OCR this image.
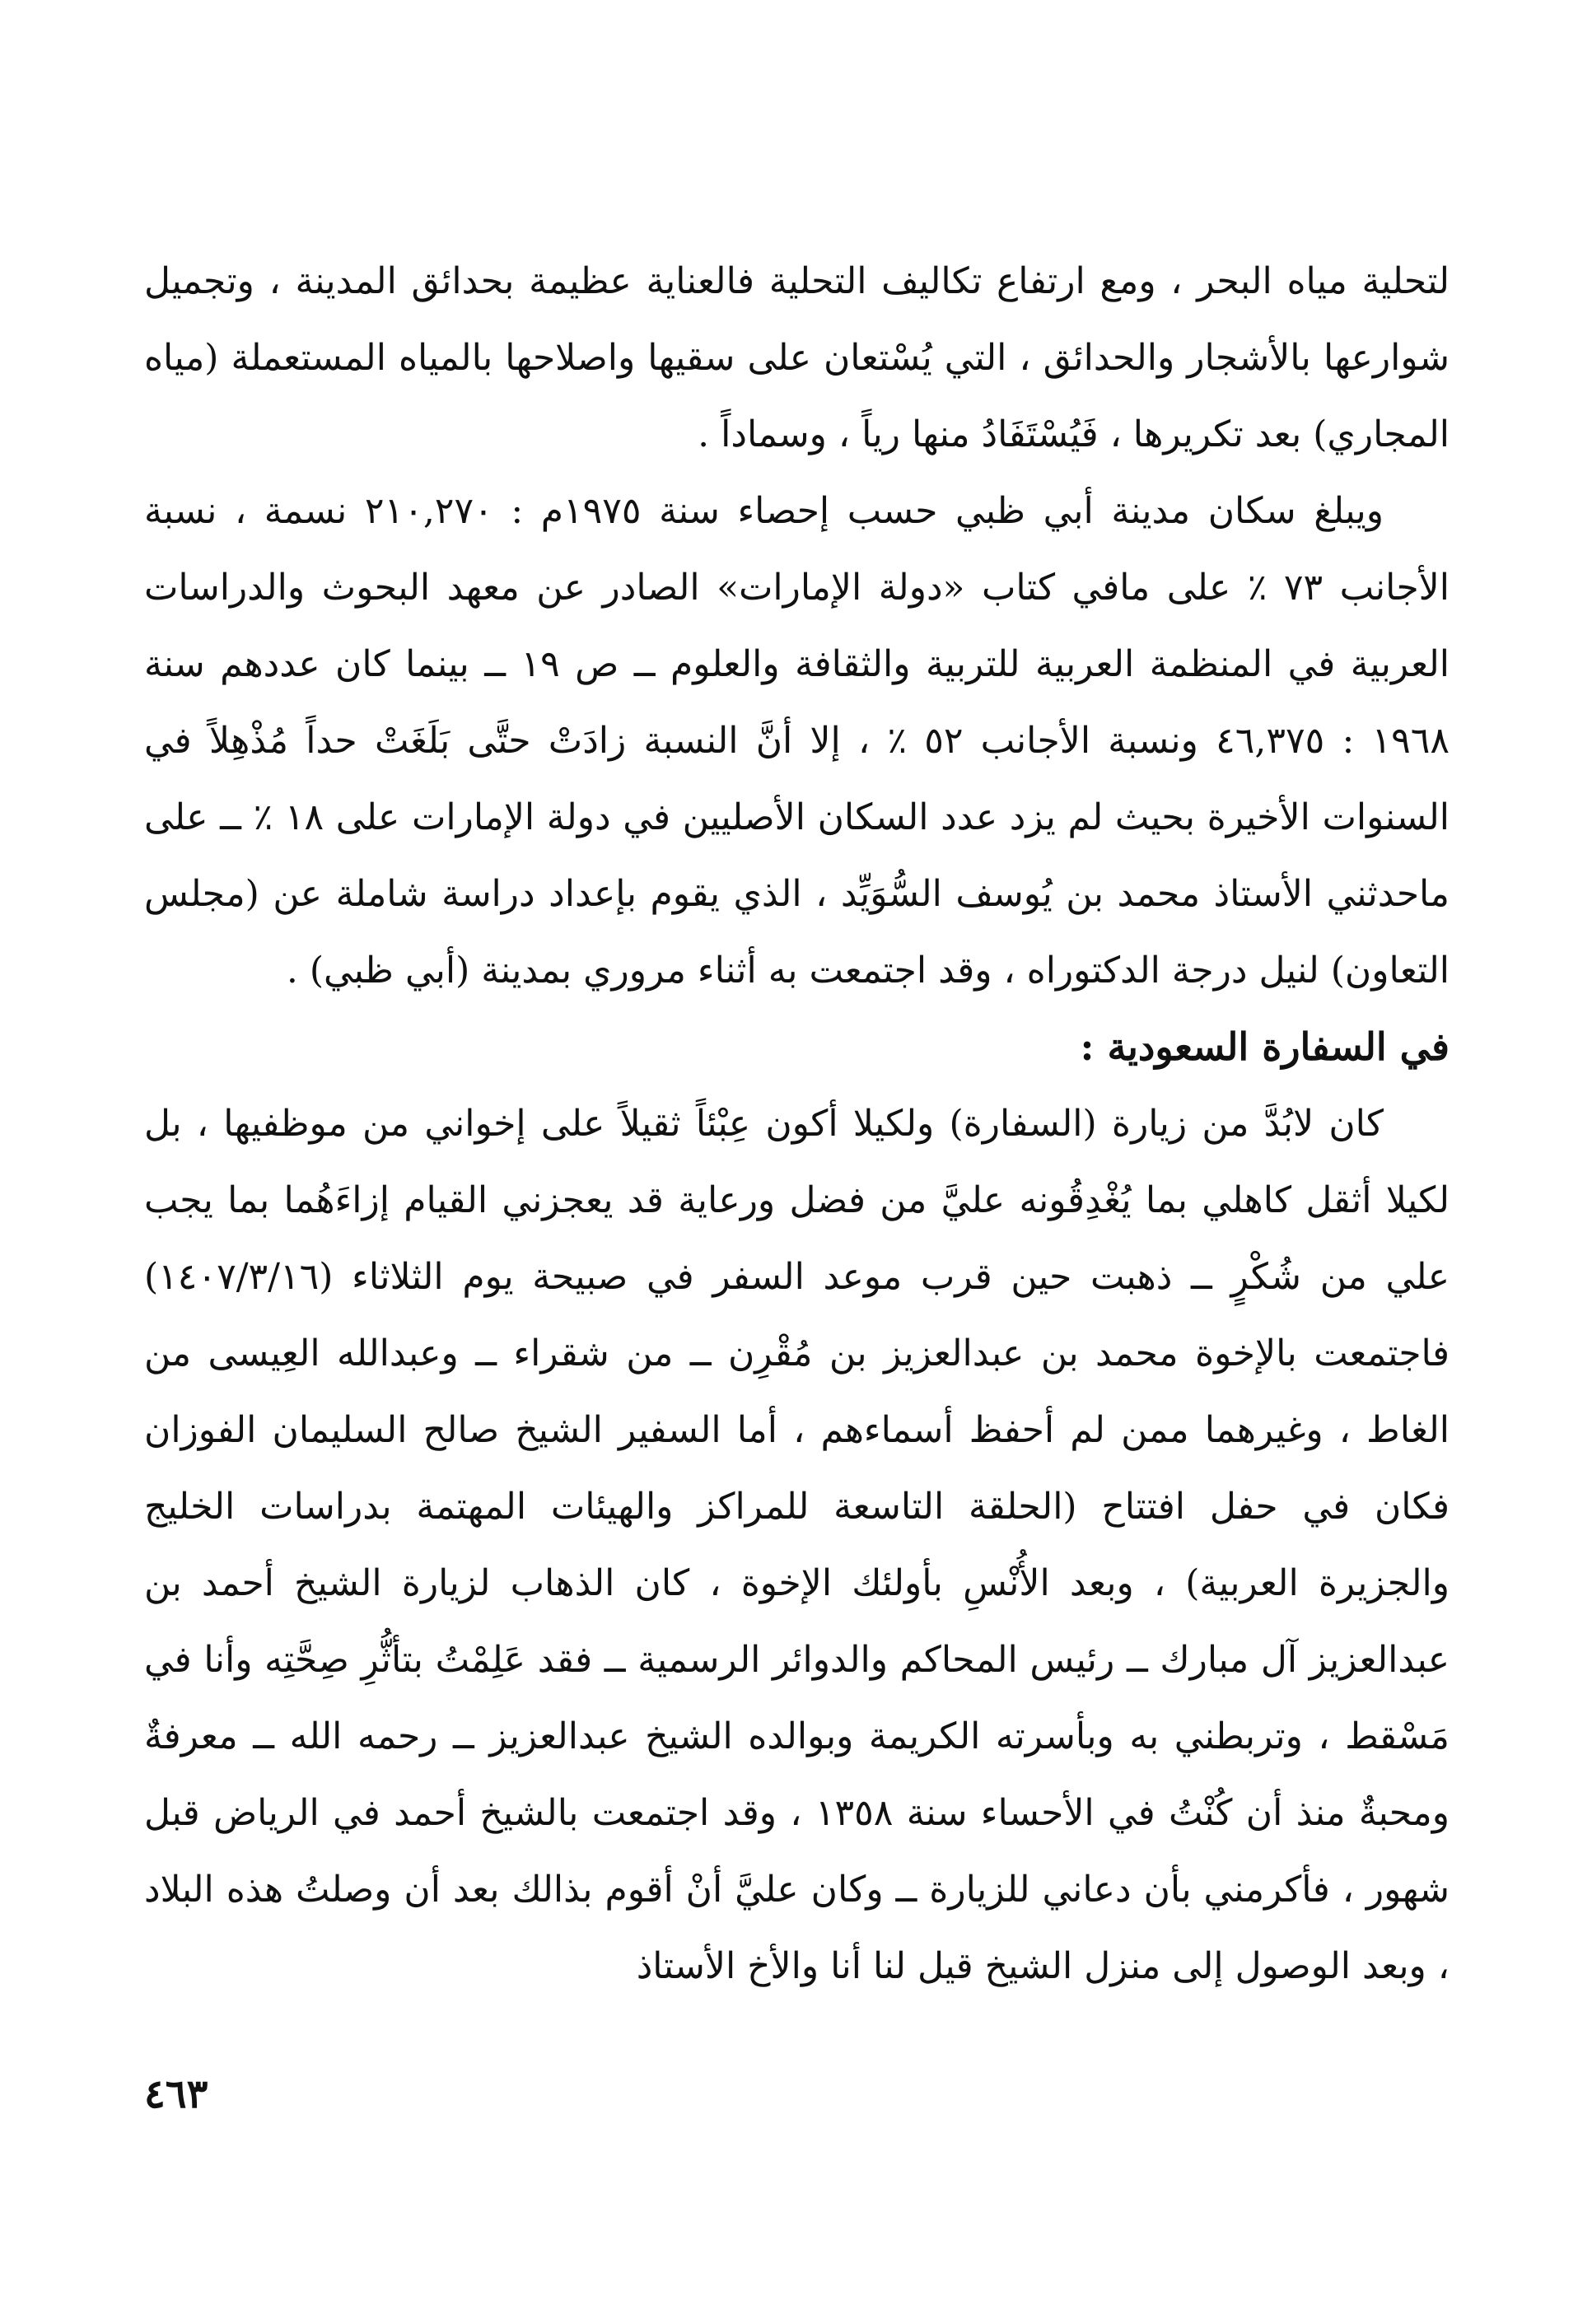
لتحلية مياه البحر ، ومع ارتفاع تكاليف التحلية فالعناية عظيمة بحدائق المدينة ، وتجميل شوارعها بالأشجار والحدائق ، التي يُسْتعان على سقيها واصلاحها بالمياه المستعملة (مياه المجاري) بعد تكريرها ، فَيُسْتَفَادُ منها رياً ، وسماداً .

ويبلغ سكان مدينة أبي ظبي حسب إحصاء سنة ١٩٧٥م : ٢١٠,٢٧٠ نسمة ، نسبة الأجانب ٧٣ ٪ على مافي كتاب «دولة الإمارات» الصادر عن معهد البحوث والدراسات العربية في المنظمة العربية للتربية والثقافة والعلوم ــ ص ١٩ ــ بينما كان عددهم سنة ١٩٦٨ : ٤٦,٣٧٥ ونسبة الأجانب ٥٢ ٪ ، إلا أنَّ النسبة زادَتْ حتَّى بَلَغَتْ حداً مُذْهِلاً في السنوات الأخيرة بحيث لم يزد عدد السكان الأصليين في دولة الإمارات على ١٨ ٪ ــ على ماحدثني الأستاذ محمد بن يُوسف السُّوَيِّد ، الذي يقوم بإعداد دراسة شاملة عن (مجلس التعاون) لنيل درجة الدكتوراه ، وقد اجتمعت به أثناء مروري بمدينة (أبي ظبي) .

في السفارة السعودية :

كان لابُدَّ من زيارة (السفارة) ولكيلا أكون عِبْئاً ثقيلاً على إخواني من موظفيها ، بل لكيلا أثقل كاهلي بما يُغْدِقُونه عليَّ من فضل ورعاية قد يعجزني القيام إزاءَهُما بما يجب علي من شُكْرٍ ــ ذهبت حين قرب موعد السفر في صبيحة يوم الثلاثاء (١٤٠٧/٣/١٦) فاجتمعت بالإخوة محمد بن عبدالعزيز بن مُقْرِن ــ من شقراء ــ وعبدالله العِيسى من الغاط ، وغيرهما ممن لم أحفظ أسماءهم ، أما السفير الشيخ صالح السليمان الفوزان فكان في حفل افتتاح (الحلقة التاسعة للمراكز والهيئات المهتمة بدراسات الخليج والجزيرة العربية) ، وبعد الأُنْسِ بأولئك الإخوة ، كان الذهاب لزيارة الشيخ أحمد بن عبدالعزيز آل مبارك ــ رئيس المحاكم والدوائر الرسمية ــ فقد عَلِمْتُ بتأثُّرِ صِحَّتِه وأنا في مَسْقط ، وتربطني به وبأسرته الكريمة وبوالده الشيخ عبدالعزيز ــ رحمه الله ــ معرفةٌ ومحبةٌ منذ أن كُنْتُ في الأحساء سنة ١٣٥٨ ، وقد اجتمعت بالشيخ أحمد في الرياض قبل شهور ، فأكرمني بأن دعاني للزيارة ــ وكان عليَّ أنْ أقوم بذالك بعد أن وصلتُ هذه البلاد ، وبعد الوصول إلى منزل الشيخ قيل لنا أنا والأخ الأستاذ

٤٦٣
